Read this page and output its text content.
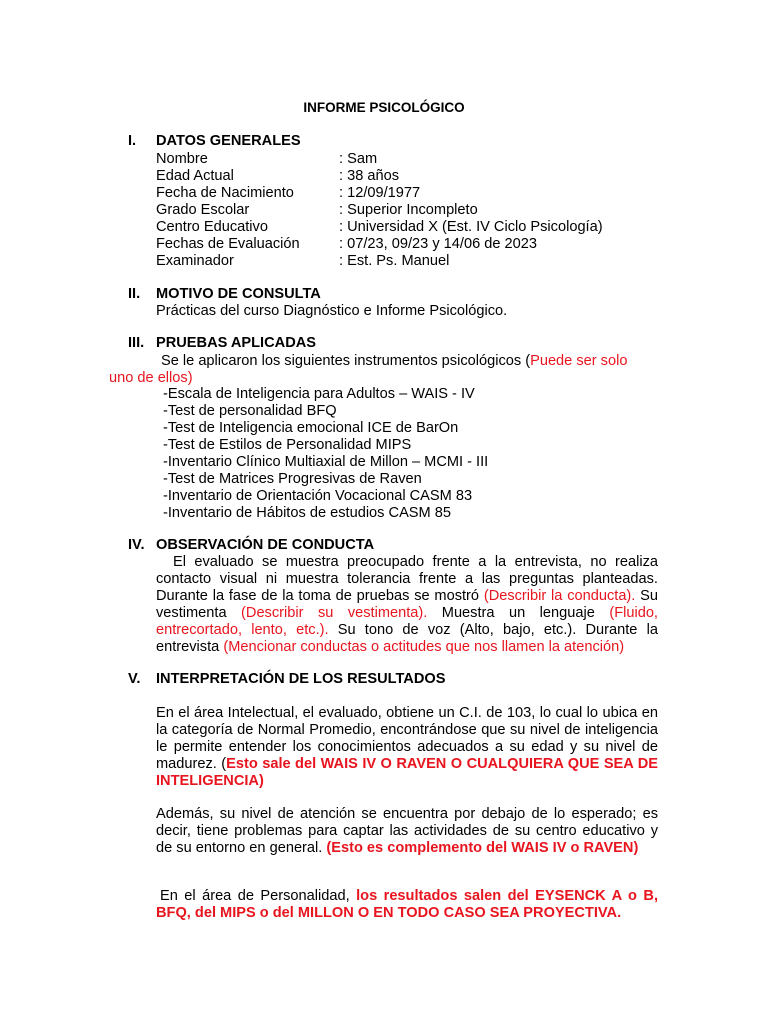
INFORME PSICOLÓGICO
I. DATOS GENERALES
Nombre	: Sam
Edad Actual	: 38 años
Fecha de Nacimiento	: 12/09/1977
Grado Escolar	: Superior Incompleto
Centro Educativo	: Universidad X (Est. IV Ciclo Psicología)
Fechas de Evaluación	: 07/23, 09/23 y 14/06 de 2023
Examinador	: Est. Ps. Manuel
II. MOTIVO DE CONSULTA
Prácticas del curso Diagnóstico e Informe Psicológico.
III. PRUEBAS APLICADAS
Se le aplicaron los siguientes instrumentos psicológicos (Puede ser solo
uno de ellos)
-Escala de Inteligencia para Adultos – WAIS - IV
-Test de personalidad BFQ
-Test de Inteligencia emocional ICE de BarOn
-Test de Estilos de Personalidad MIPS
-Inventario Clínico Multiaxial de Millon – MCMI - III
-Test de Matrices Progresivas de Raven
-Inventario de Orientación Vocacional CASM 83
-Inventario de Hábitos de estudios CASM 85
IV. OBSERVACIÓN DE CONDUCTA
El evaluado se muestra preocupado frente a la entrevista, no realiza contacto visual ni muestra tolerancia frente a las preguntas planteadas. Durante la fase de la toma de pruebas se mostró (Describir la conducta). Su vestimenta (Describir su vestimenta). Muestra un lenguaje (Fluido, entrecortado, lento, etc.). Su tono de voz (Alto, bajo, etc.). Durante la entrevista (Mencionar conductas o actitudes que nos llamen la atención)
V. INTERPRETACIÓN DE LOS RESULTADOS
En el área Intelectual, el evaluado, obtiene un C.I. de 103, lo cual lo ubica en la categoría de Normal Promedio, encontrándose que su nivel de inteligencia le permite entender los conocimientos adecuados a su edad y su nivel de madurez. (Esto sale del WAIS IV O RAVEN O CUALQUIERA QUE SEA DE INTELIGENCIA)
Además, su nivel de atención se encuentra por debajo de lo esperado; es decir, tiene problemas para captar las actividades de su centro educativo y de su entorno en general. (Esto es complemento del WAIS IV o RAVEN)
En el área de Personalidad, los resultados salen del EYSENCK A o B, BFQ, del MIPS o del MILLON O EN TODO CASO SEA PROYECTIVA.
